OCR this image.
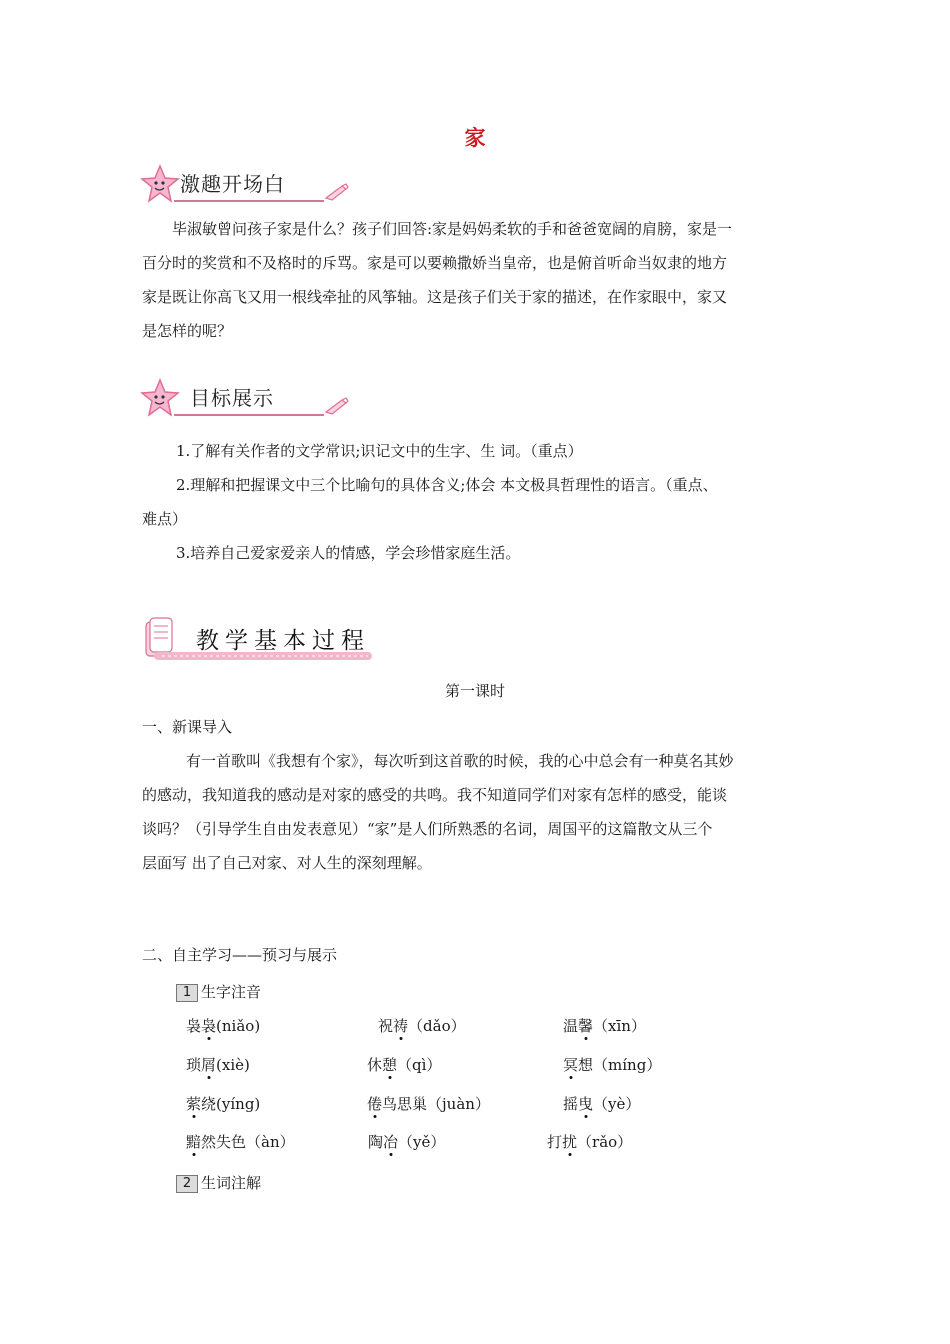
家
激趣开场白
毕淑敏曾问孩子家是什么？孩子们回答:家是妈妈柔软的手和爸爸宽阔的肩膀，家是一
百分时的奖赏和不及格时的斥骂。家是可以要赖撒娇当皇帝，也是俯首听命当奴隶的地方
家是既让你高飞又用一根线牵扯的风筝轴。这是孩子们关于家的描述，在作家眼中，家又
是怎样的呢？
目标展示
1.了解有关作者的文学常识;识记文中的生字、生 词。（重点）
2.理解和把握课文中三个比喻句的具体含义;体会 本文极具哲理性的语言。（重点、
难点）
3.培养自己爱家爱亲人的情感，学会珍惜家庭生活。
教学基本过程
第一课时
一、新课导入
有一首歌叫《我想有个家》，每次听到这首歌的时候，我的心中总会有一种莫名其妙
的感动，我知道我的感动是对家的感受的共鸣。我不知道同学们对家有怎样的感受，能谈
谈吗？（引导学生自由发表意见）“家”是人们所熟悉的名词，周国平的这篇散文从三个
层面写 出了自己对家、对人生的深刻理解。
二、自主学习——预习与展示
1 生字注音
袅袅(niǎo)	祝祷（dǎo）	温馨（xīn）
琐屑(xiè)	休憩（qì）	冥想（míng）
萦绕(yíng)	倦鸟思巢（juàn）	摇曳（yè）
黯然失色（àn）	陶冶（yě）	打扰（rǎo）
2 生词注解
